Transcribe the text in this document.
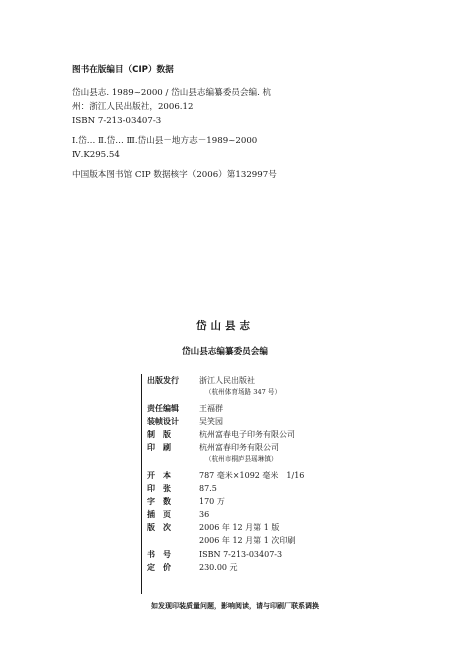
图书在版编目（CIP）数据
岱山县志. 1989~2000 / 岱山县志编纂委员会编. 杭
州：浙江人民出版社，2006.12
ISBN 7-213-03407-3
Ⅰ.岱… Ⅱ.岱… Ⅲ.岱山县－地方志－1989~2000
Ⅳ.K295.54
中国版本图书馆 CIP 数据核字（2006）第132997号
岱山县志
岱山县志编纂委员会编
出版发行	浙江人民出版社
（杭州体育场路 347 号）
责任编辑	王福群
装帧设计	吴笑园
制　版	杭州富春电子印务有限公司
印　刷	杭州富春印务有限公司
（杭州市桐庐县瑶琳镇）
开　本	787 毫米×1092 毫米　1/16
印　张	87.5
字　数	170 万
插　页	36
版　次	2006 年 12 月第 1 版
2006 年 12 月第 1 次印刷
书　号	ISBN 7-213-03407-3
定　价	230.00 元
如发现印装质量问题，影响阅读，请与印刷厂联系调换
